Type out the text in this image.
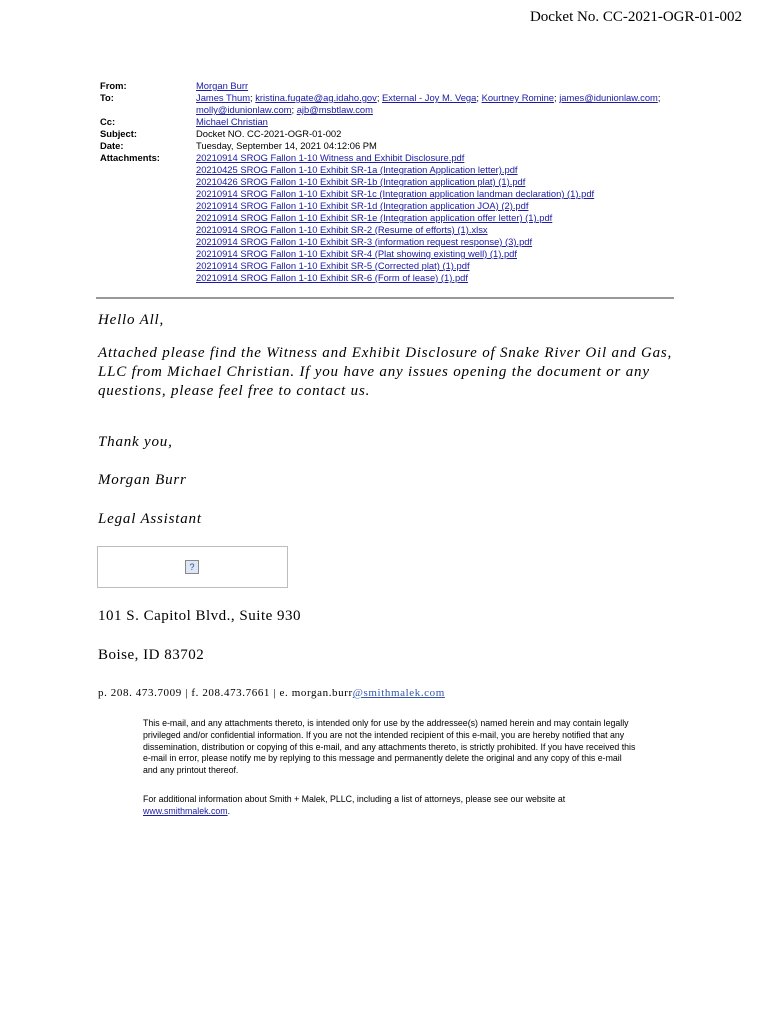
Docket No. CC-2021-OGR-01-002
From:	Morgan Burr
To:	James Thum; kristina.fugate@ag.idaho.gov; External - Joy M. Vega; Kourtney Romine; james@idunionlaw.com;
molly@idunionlaw.com; ajb@msbtlaw.com
Cc:	Michael Christian
Subject:	Docket NO. CC-2021-OGR-01-002
Date:	Tuesday, September 14, 2021 04:12:06 PM
Attachments:	20210914 SROG Fallon 1-10 Witness and Exhibit Disclosure.pdf
20210425 SROG Fallon 1-10 Exhibit SR-1a (Integration Application letter).pdf
20210426 SROG Fallon 1-10 Exhibit SR-1b (Integration application plat) (1).pdf
20210914 SROG Fallon 1-10 Exhibit SR-1c (Integration application landman declaration) (1).pdf
20210914 SROG Fallon 1-10 Exhibit SR-1d (Integration application JOA) (2).pdf
20210914 SROG Fallon 1-10 Exhibit SR-1e (Integration application offer letter) (1).pdf
20210914 SROG Fallon 1-10 Exhibit SR-2 (Resume of efforts) (1).xlsx
20210914 SROG Fallon 1-10 Exhibit SR-3 (information request response) (3).pdf
20210914 SROG Fallon 1-10 Exhibit SR-4 (Plat showing existing well) (1).pdf
20210914 SROG Fallon 1-10 Exhibit SR-5 (Corrected plat) (1).pdf
20210914 SROG Fallon 1-10 Exhibit SR-6 (Form of lease) (1).pdf
Hello All,
Attached please find the Witness and Exhibit Disclosure of Snake River Oil and Gas,
LLC from Michael Christian. If you have any issues opening the document or any
questions, please feel free to contact us.
Thank you,
Morgan Burr
Legal Assistant
?
101 S. Capitol Blvd., Suite 930
Boise, ID 83702
p. 208. 473.7009 | f. 208.473.7661 | e. morgan.burr@smithmalek.com
This e-mail, and any attachments thereto, is intended only for use by the addressee(s) named herein and may contain legally
privileged and/or confidential information. If you are not the intended recipient of this e-mail, you are hereby notified that any
dissemination, distribution or copying of this e-mail, and any attachments thereto, is strictly prohibited. If you have received this
e-mail in error, please notify me by replying to this message and permanently delete the original and any copy of this e-mail
and any printout thereof.
For additional information about Smith + Malek, PLLC, including a list of attorneys, please see our website at
www.smithmalek.com.
